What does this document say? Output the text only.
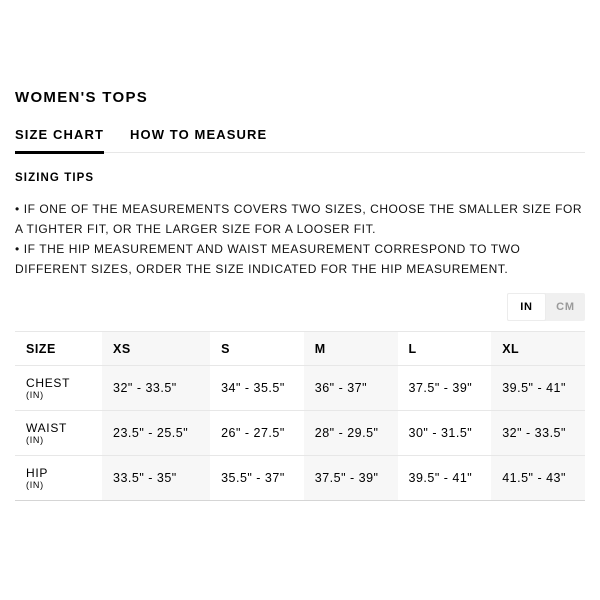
WOMEN'S TOPS
SIZE CHART HOW TO MEASURE
SIZING TIPS
• IF ONE OF THE MEASUREMENTS COVERS TWO SIZES, CHOOSE THE SMALLER SIZE FOR A TIGHTER FIT, OR THE LARGER SIZE FOR A LOOSER FIT.
• IF THE HIP MEASUREMENT AND WAIST MEASUREMENT CORRESPOND TO TWO DIFFERENT SIZES, ORDER THE SIZE INDICATED FOR THE HIP MEASUREMENT.
IN	CM
SIZE	XS	S	M	L	XL

CHEST
(IN)	32" - 33.5"	34" - 35.5"	36" - 37"	37.5" - 39"	39.5" - 41"

WAIST
(IN)	23.5" - 25.5"	26" - 27.5"	28" - 29.5"	30" - 31.5"	32" - 33.5"

HIP
(IN)	33.5" - 35"	35.5" - 37"	37.5" - 39"	39.5" - 41"	41.5" - 43"
